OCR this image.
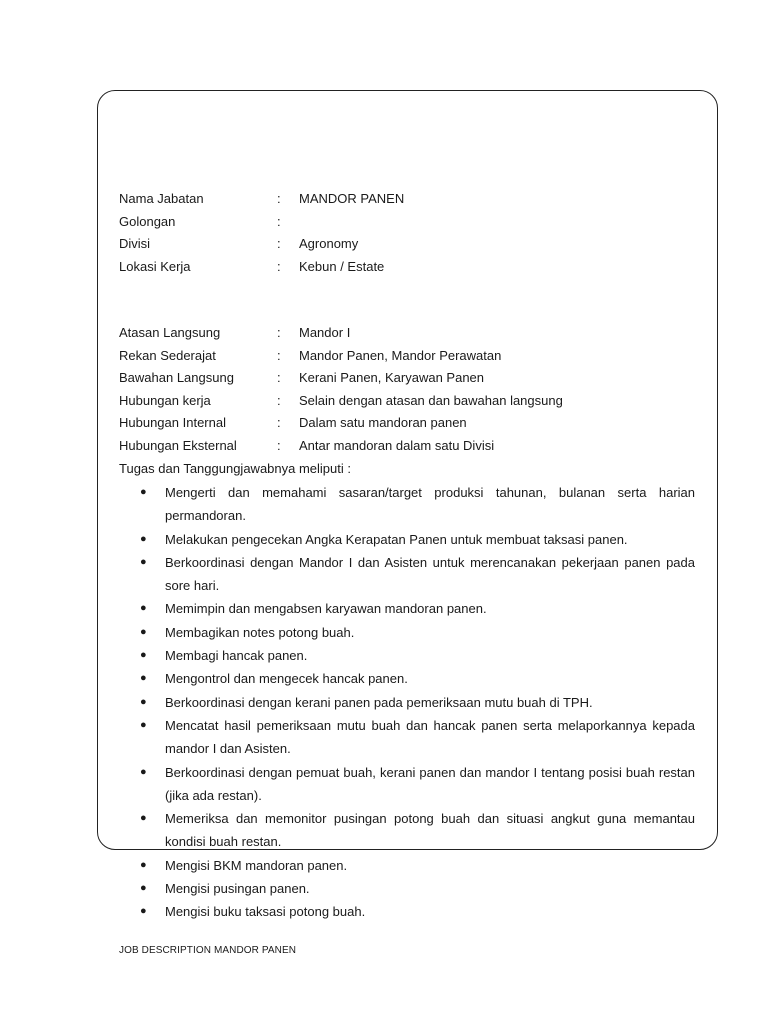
Nama Jabatan	: MANDOR PANEN
Golongan	:
Divisi	: Agronomy
Lokasi Kerja	: Kebun / Estate
Atasan Langsung	: Mandor I
Rekan Sederajat	: Mandor Panen, Mandor Perawatan
Bawahan Langsung	: Kerani Panen, Karyawan Panen
Hubungan kerja	: Selain dengan atasan dan bawahan langsung
Hubungan Internal	: Dalam satu mandoran panen
Hubungan Eksternal	: Antar mandoran dalam satu Divisi
Tugas dan Tanggungjawabnya meliputi :
● Mengerti dan memahami sasaran/target produksi tahunan, bulanan serta harian permandoran.
● Melakukan pengecekan Angka Kerapatan Panen untuk membuat taksasi panen.
● Berkoordinasi dengan Mandor I dan Asisten untuk merencanakan pekerjaan panen pada sore hari.
● Memimpin dan mengabsen karyawan mandoran panen.
● Membagikan notes potong buah.
● Membagi hancak panen.
● Mengontrol dan mengecek hancak panen.
● Berkoordinasi dengan kerani panen pada pemeriksaan mutu buah di TPH.
● Mencatat hasil pemeriksaan mutu buah dan hancak panen serta melaporkannya kepada mandor I dan Asisten.
● Berkoordinasi dengan pemuat buah, kerani panen dan mandor I tentang posisi buah restan (jika ada restan).
● Memeriksa dan memonitor pusingan potong buah dan situasi angkut guna memantau kondisi buah restan.
● Mengisi BKM mandoran panen.
● Mengisi pusingan panen.
● Mengisi buku taksasi potong buah.
JOB DESCRIPTION MANDOR PANEN
